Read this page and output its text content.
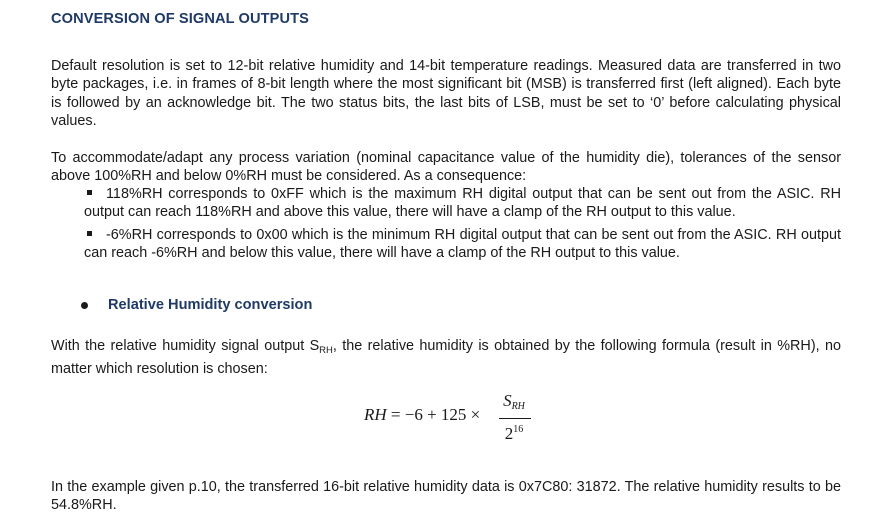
CONVERSION OF SIGNAL OUTPUTS
Default resolution is set to 12-bit relative humidity and 14-bit temperature readings. Measured data are transferred in two byte packages, i.e. in frames of 8-bit length where the most significant bit (MSB) is transferred first (left aligned). Each byte is followed by an acknowledge bit. The two status bits, the last bits of LSB, must be set to ‘0’ before calculating physical values.
To accommodate/adapt any process variation (nominal capacitance value of the humidity die), tolerances of the sensor above 100%RH and below 0%RH must be considered. As a consequence:
118%RH corresponds to 0xFF which is the maximum RH digital output that can be sent out from the ASIC. RH output can reach 118%RH and above this value, there will have a clamp of the RH output to this value.
-6%RH corresponds to 0x00 which is the minimum RH digital output that can be sent out from the ASIC. RH output can reach -6%RH and below this value, there will have a clamp of the RH output to this value.
Relative Humidity conversion
With the relative humidity signal output $S_{RH}$, the relative humidity is obtained by the following formula (result in %RH), no matter which resolution is chosen:
RH = −6 + 125 ×
SRH
$2^{16}$
In the example given p.10, the transferred 16-bit relative humidity data is 0x7C80: 31872. The relative humidity results to be 54.8%RH.
